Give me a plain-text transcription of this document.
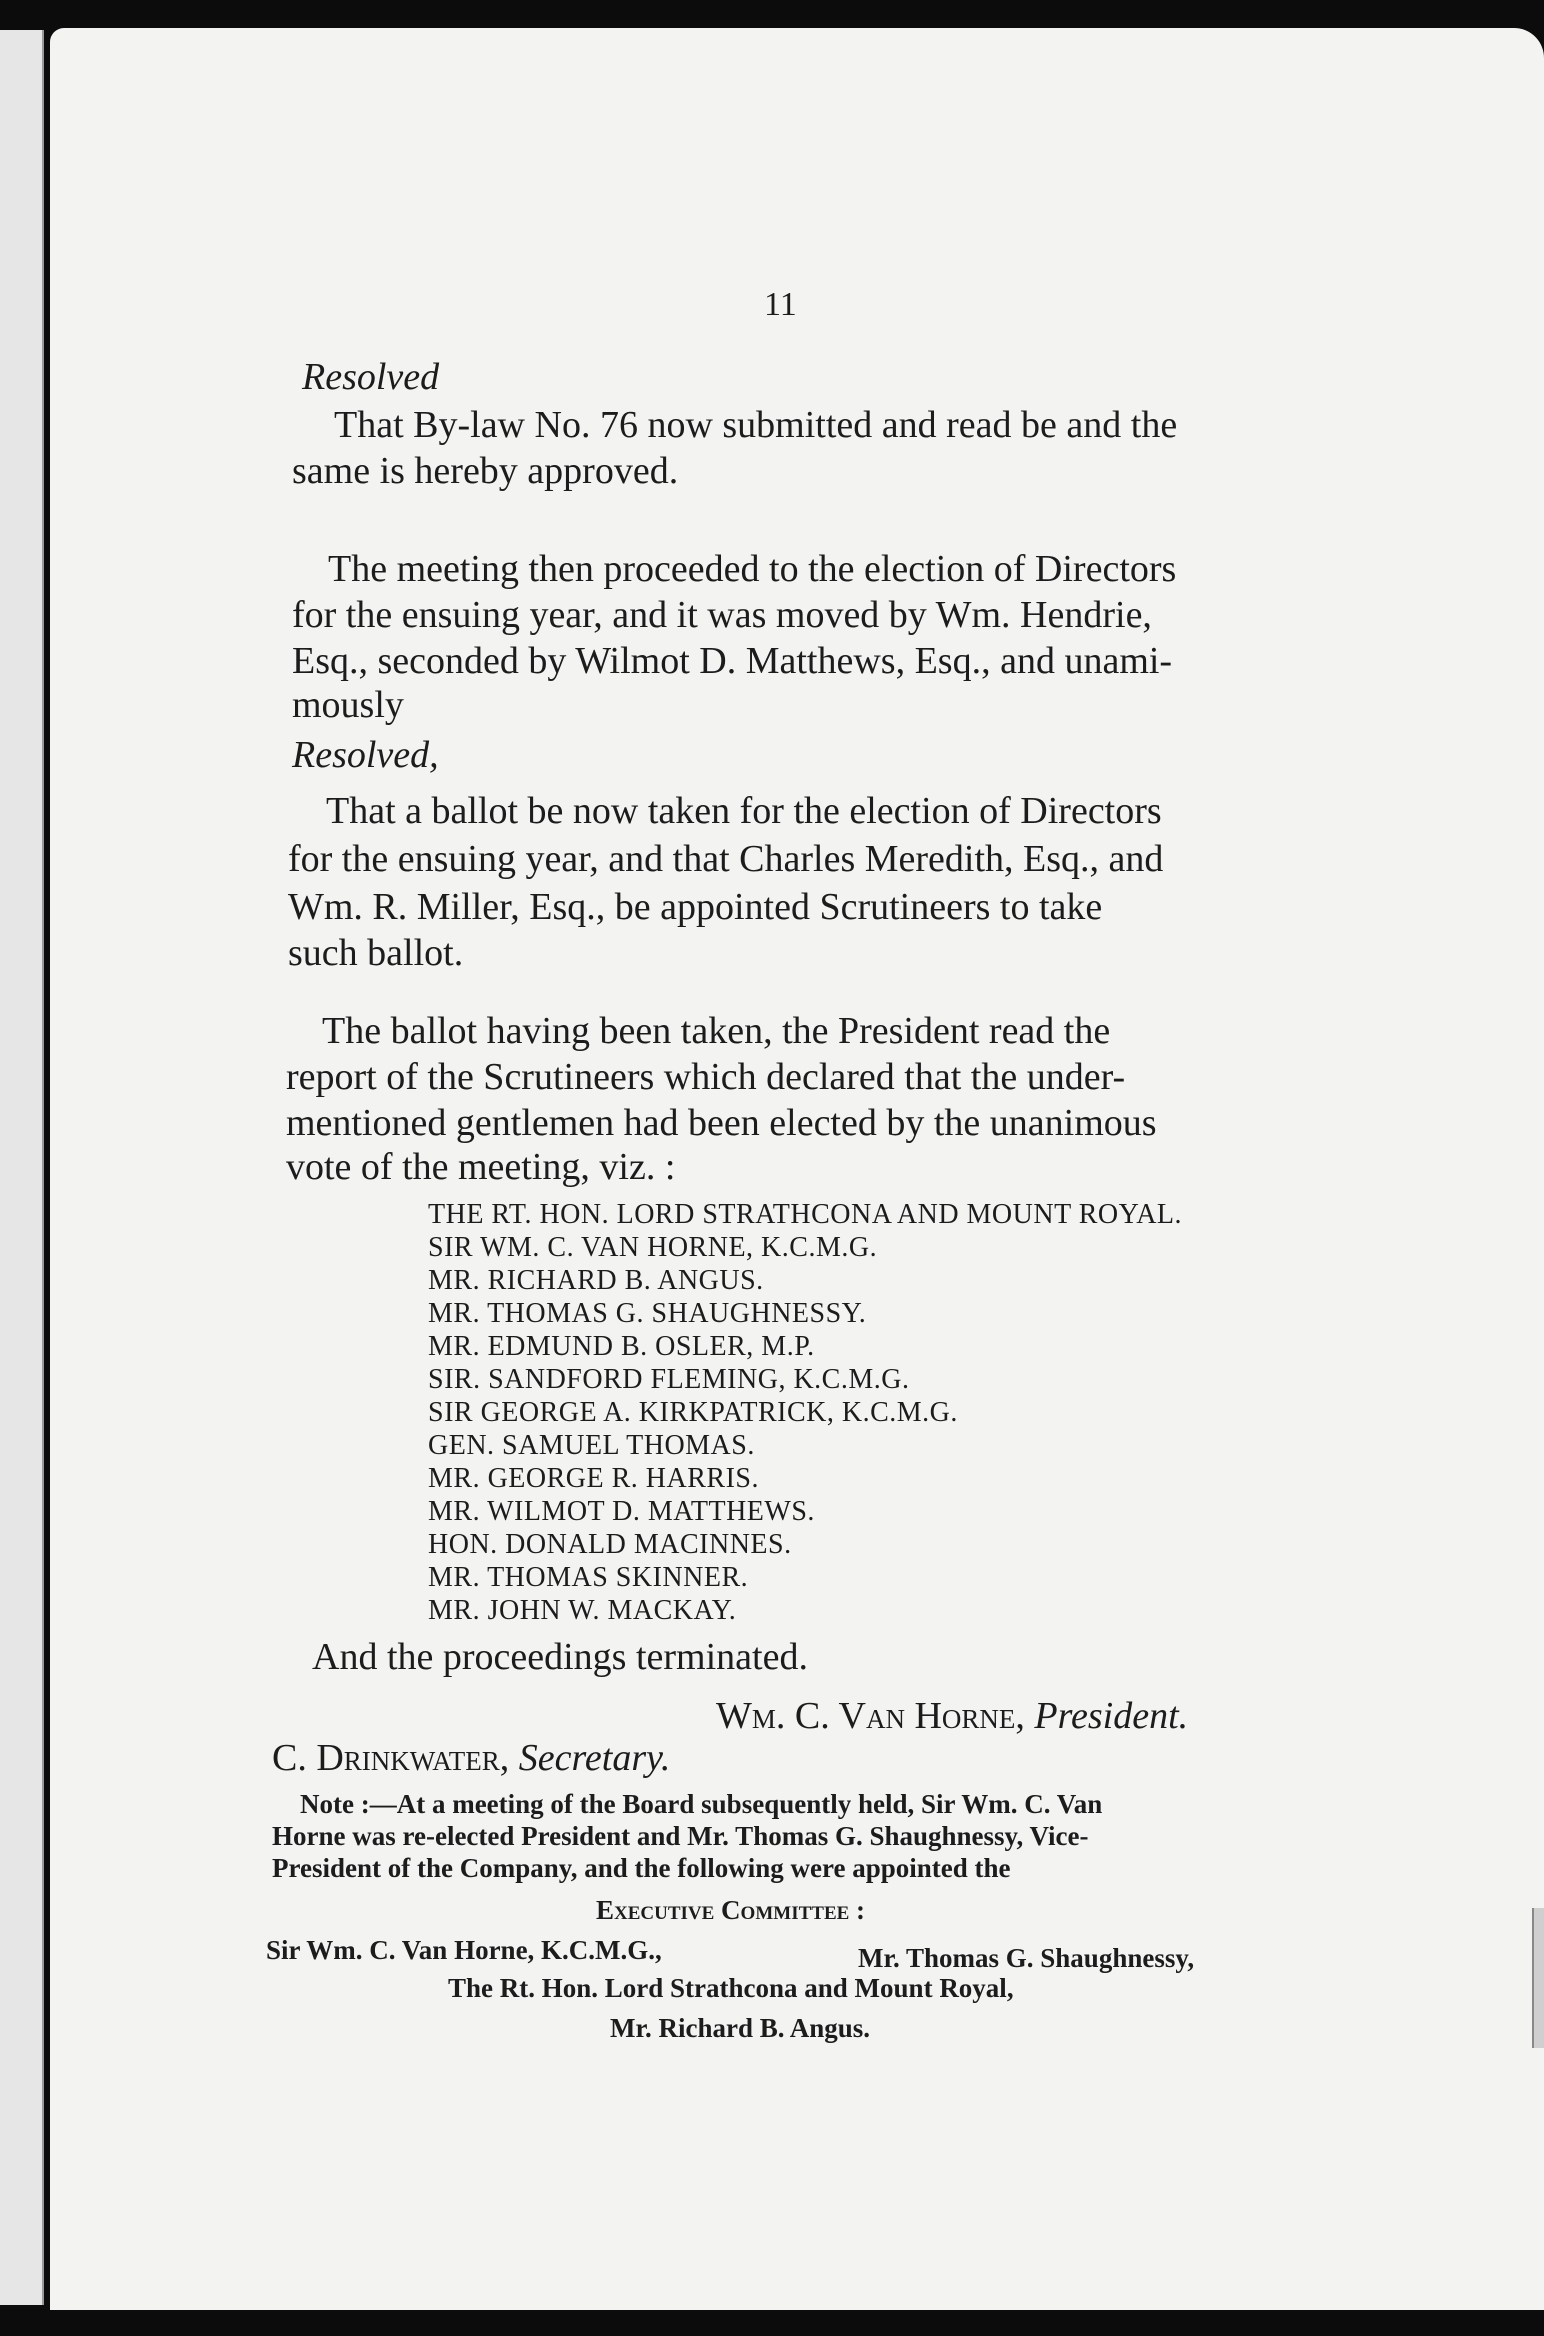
11
Resolved
That By-law No. 76 now submitted and read be and the
same is hereby approved.
The meeting then proceeded to the election of Directors
for the ensuing year, and it was moved by Wm. Hendrie,
Esq., seconded by Wilmot D. Matthews, Esq., and unami-
mously
Resolved,
That a ballot be now taken for the election of Directors
for the ensuing year, and that Charles Meredith, Esq., and
Wm. R. Miller, Esq., be appointed Scrutineers to take
such ballot.
The ballot having been taken, the President read the
report of the Scrutineers which declared that the under-
mentioned gentlemen had been elected by the unanimous
vote of the meeting, viz. :
THE RT. HON. LORD STRATHCONA AND MOUNT ROYAL.
SIR WM. C. VAN HORNE, K.C.M.G.
MR. RICHARD B. ANGUS.
MR. THOMAS G. SHAUGHNESSY.
MR. EDMUND B. OSLER, M.P.
SIR. SANDFORD FLEMING, K.C.M.G.
SIR GEORGE A. KIRKPATRICK, K.C.M.G.
GEN. SAMUEL THOMAS.
MR. GEORGE R. HARRIS.
MR. WILMOT D. MATTHEWS.
HON. DONALD MACINNES.
MR. THOMAS SKINNER.
MR. JOHN W. MACKAY.
And the proceedings terminated.
Wm. C. Van Horne, President.
C. Drinkwater, Secretary.
Note :—At a meeting of the Board subsequently held, Sir Wm. C. Van
Horne was re-elected President and Mr. Thomas G. Shaughnessy, Vice-
President of the Company, and the following were appointed the
Executive Committee :
Sir Wm. C. Van Horne, K.C.M.G.,	Mr. Thomas G. Shaughnessy,
The Rt. Hon. Lord Strathcona and Mount Royal,
Mr. Richard B. Angus.
